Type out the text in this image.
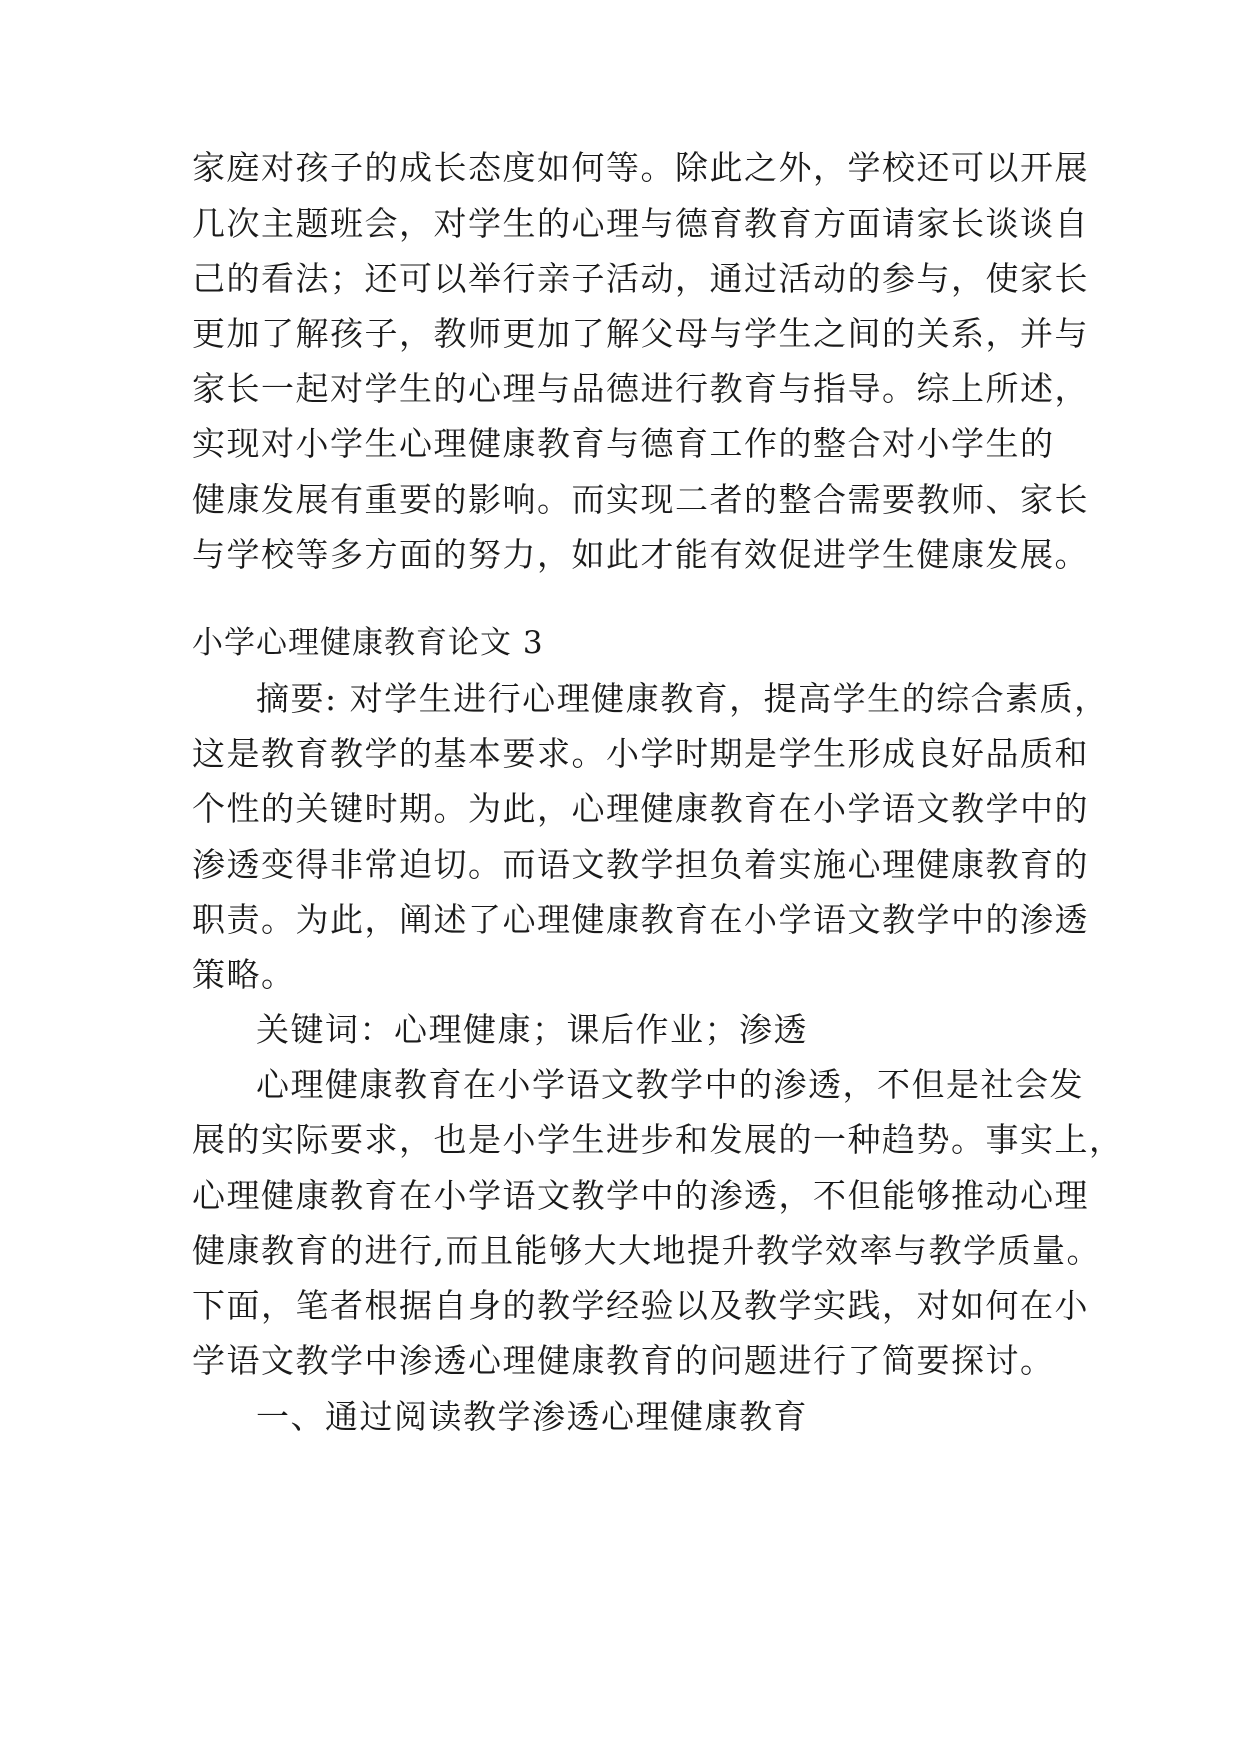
家庭对孩子的成长态度如何等。除此之外，学校还可以开展
几次主题班会，对学生的心理与德育教育方面请家长谈谈自
己的看法；还可以举行亲子活动，通过活动的参与，使家长
更加了解孩子，教师更加了解父母与学生之间的关系，并与
家长一起对学生的心理与品德进行教育与指导。综上所述，
实现对小学生心理健康教育与德育工作的整合对小学生的
健康发展有重要的影响。而实现二者的整合需要教师、家长
与学校等多方面的努力，如此才能有效促进学生健康发展。
小学心理健康教育论文 3
摘要: 对学生进行心理健康教育，提高学生的综合素质，
这是教育教学的基本要求。小学时期是学生形成良好品质和
个性的关键时期。为此，心理健康教育在小学语文教学中的
渗透变得非常迫切。而语文教学担负着实施心理健康教育的
职责。为此，阐述了心理健康教育在小学语文教学中的渗透
策略。
关键词：心理健康；课后作业；渗透
心理健康教育在小学语文教学中的渗透，不但是社会发
展的实际要求，也是小学生进步和发展的一种趋势。事实上，
心理健康教育在小学语文教学中的渗透，不但能够推动心理
健康教育的进行,而且能够大大地提升教学效率与教学质量。
下面，笔者根据自身的教学经验以及教学实践，对如何在小
学语文教学中渗透心理健康教育的问题进行了简要探讨。
一、通过阅读教学渗透心理健康教育
